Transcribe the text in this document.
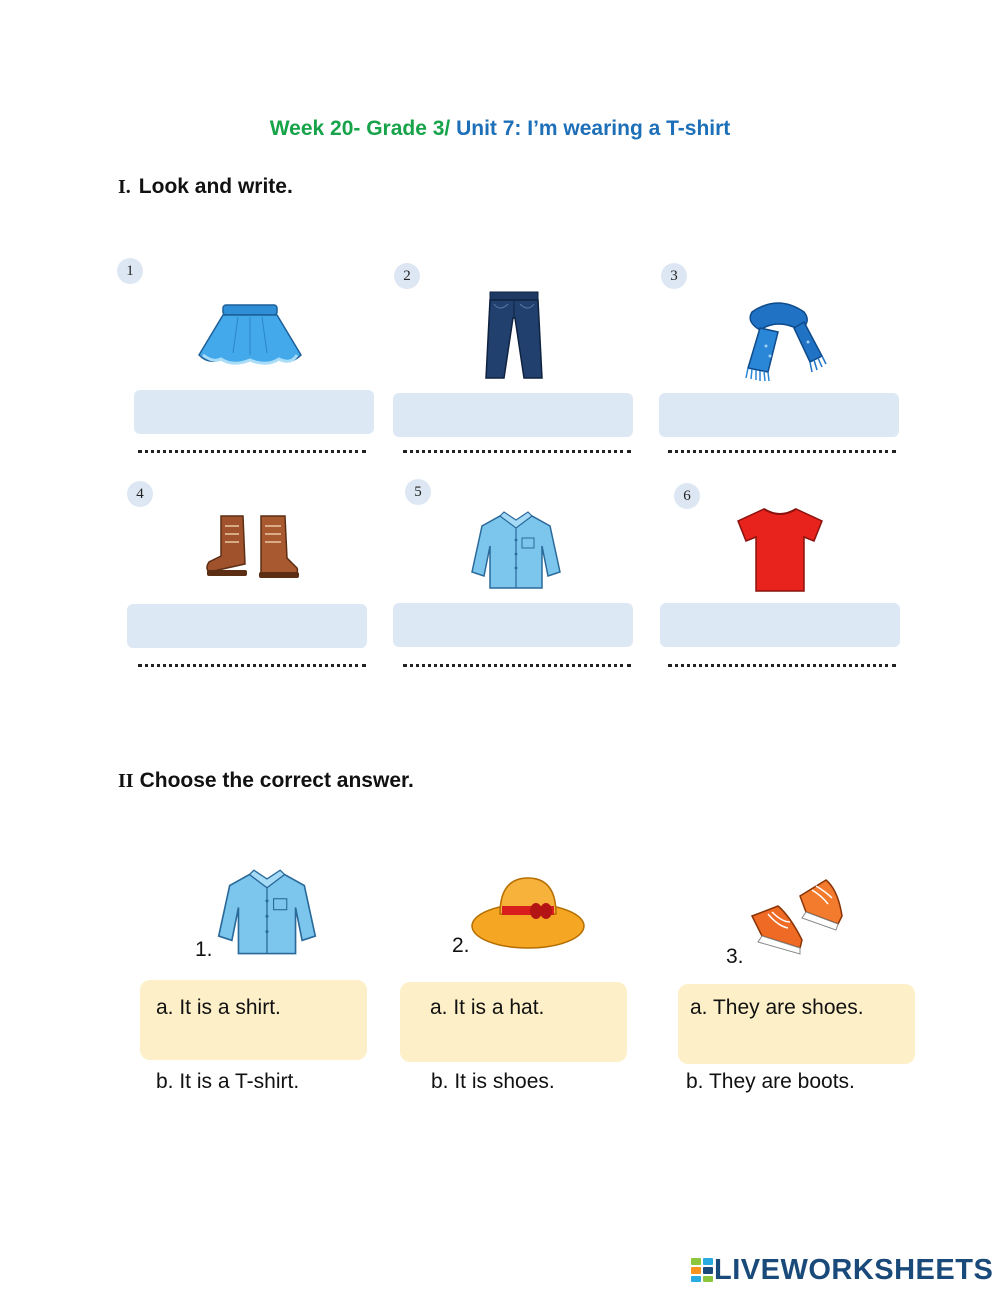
Week 20- Grade 3/ Unit 7: I’m wearing a T-shirt
I. Look and write.
1	2	3
4	5	6
II Choose the correct answer.
1.
a. It is a shirt.
b. It is a T-shirt.
2.
a. It is a hat.
b. It is shoes.
3.
a. They are shoes.
b. They are boots.
LIVEWORKSHEETS
